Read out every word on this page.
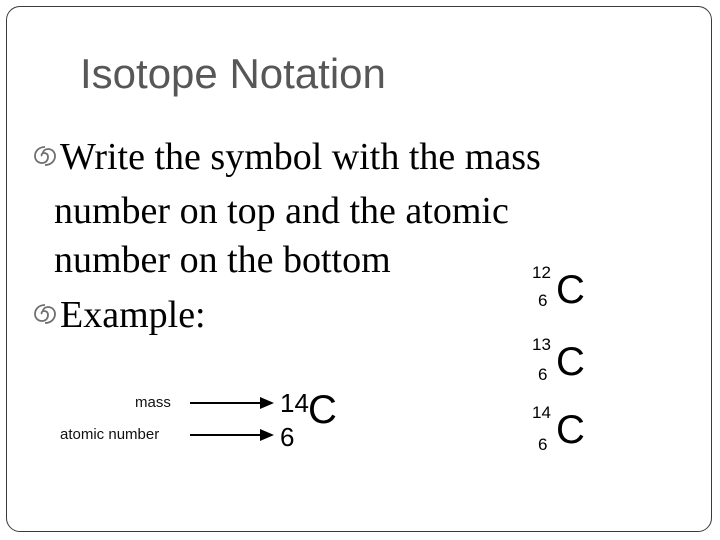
Isotope Notation
Write the symbol with the mass
number on top and the atomic
number on the bottom
Example:
12
6 C
13
6 C
14
6 C
mass
atomic number
14
6
C
